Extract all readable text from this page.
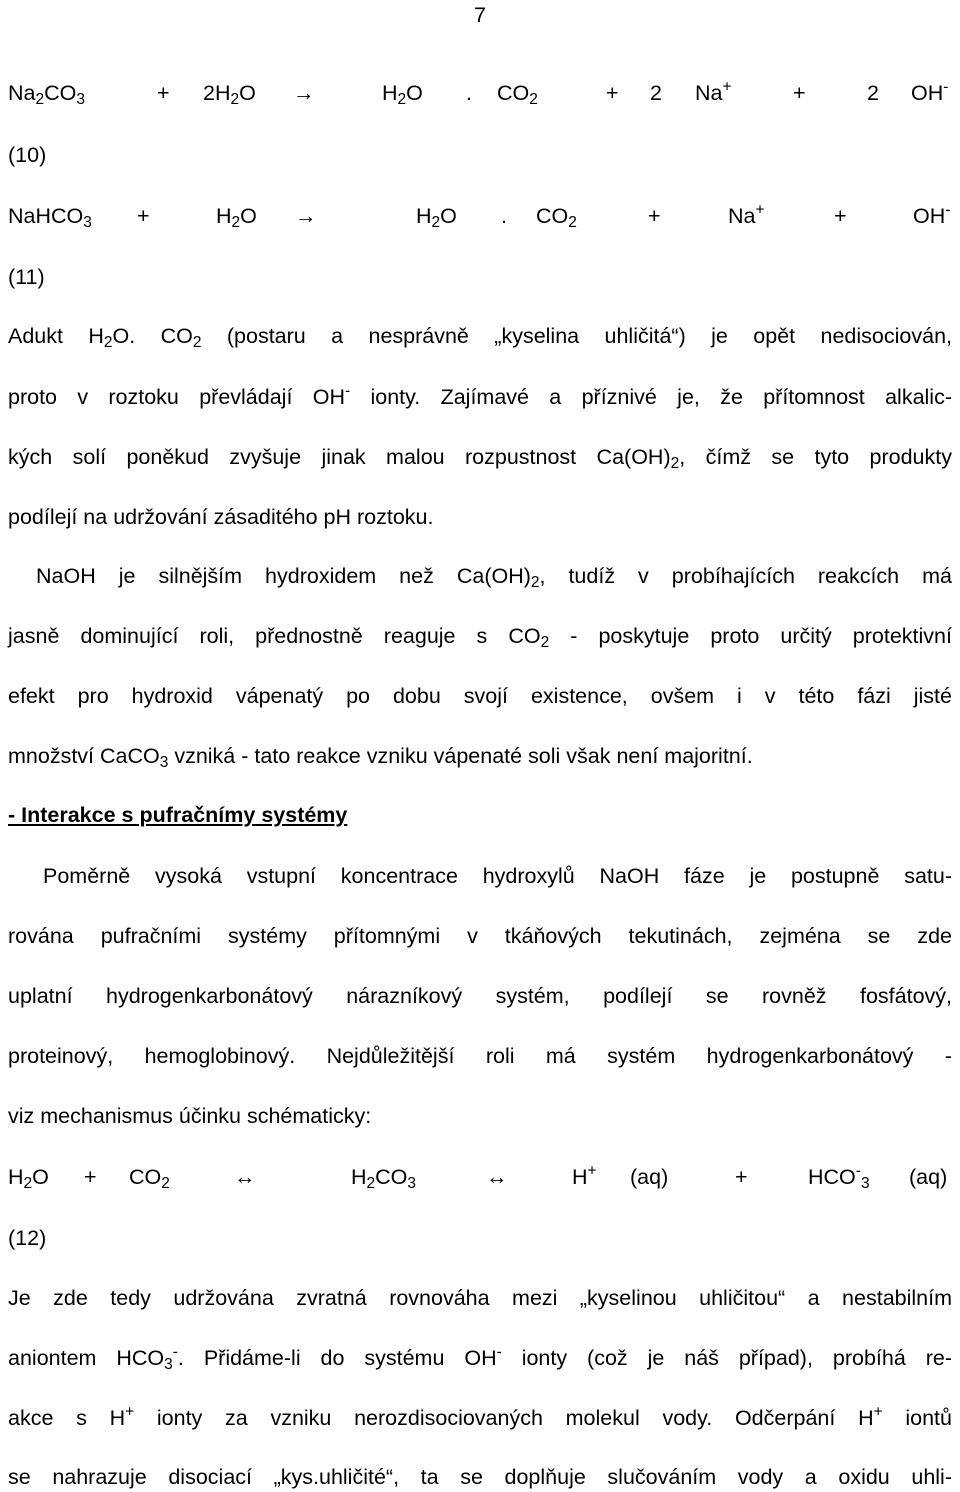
7
$Na_2CO_3$	+ $2H_2O$ →	$H_2O$ . $CO_2$	+ 2 Na+	+	2 OH-
(10)
NaHCO$_3$ +	$H_2O$ →	$H_2O$ . $CO_2$	+	Na+	+	OH-
(11)
Adukt $H_2O$. $CO_2$ (postaru a nesprávně „kyselina uhličitá“) je opět nedisociován,
proto v roztoku převládají OH- ionty. Zajímavé a příznivé je, že přítomnost alkalic-
kých solí poněkud zvyšuje jinak malou rozpustnost $Ca(OH)_2$, čímž se tyto produkty
podílejí na udržování zásaditého pH roztoku.
NaOH je silnějším hydroxidem než $Ca(OH)_2$, tudíž v probíhajících reakcích má
jasně dominující roli, přednostně reaguje s $CO_2$ - poskytuje proto určitý protektivní
efekt pro hydroxid vápenatý po dobu svojí existence, ovšem i v této fázi jisté
množství CaCO$_3$ vzniká - tato reakce vzniku vápenaté soli však není majoritní.
- Interakce s pufračnímy systémy
Poměrně vysoká vstupní koncentrace hydroxylů NaOH fáze je postupně satu-
rována pufračními systémy přítomnými v tkáňových tekutinách, zejména se zde
uplatní hydrogenkarbonátový nárazníkový systém, podílejí se rovněž fosfátový,
proteinový, hemoglobinový. Nejdůležitější roli má systém hydrogenkarbonátový -
viz mechanismus účinku schématicky:
$H_2O + CO_2$	↔	$H_2CO_3$	↔	H+ (aq)	+	$HCO^-_3$ (aq)
(12)
Je zde tedy udržována zvratná rovnováha mezi „kyselinou uhličitou“ a nestabilním
aniontem $HCO_3^-$. Přidáme-li do systému OH- ionty (což je náš případ), probíhá re-
akce s H+ ionty za vzniku nerozdisociovaných molekul vody. Odčerpání H+ iontů
se nahrazuje disociací „kys.uhličité“, ta se doplňuje slučováním vody a oxidu uhli-
